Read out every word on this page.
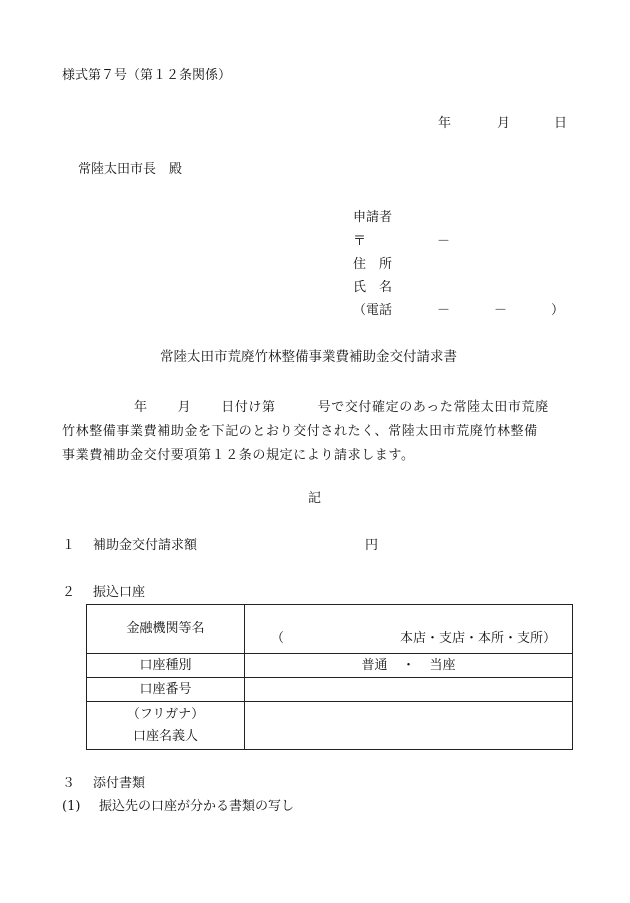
様式第７号（第１２条関係）
年	月	日
常陸太田市長　殿
申請者
〒	－
住　所
氏　名
（電話	－	－	）
常陸太田市荒廃竹林整備事業費補助金交付請求書
年 月 日付け第	号で交付確定のあった常陸太田市荒廃
竹林整備事業費補助金を下記のとおり交付されたく、常陸太田市荒廃竹林整備
事業費補助金交付要項第１２条の規定により請求します。
記
１ 補助金交付請求額	円
２ 振込口座
金融機関等名	（ 本店・支店・本所・支所）

口座種別	普通 ・ 当座
口座番号	

（フリガナ）
口座名義人	

３ 添付書類
(1) 振込先の口座が分かる書類の写し
